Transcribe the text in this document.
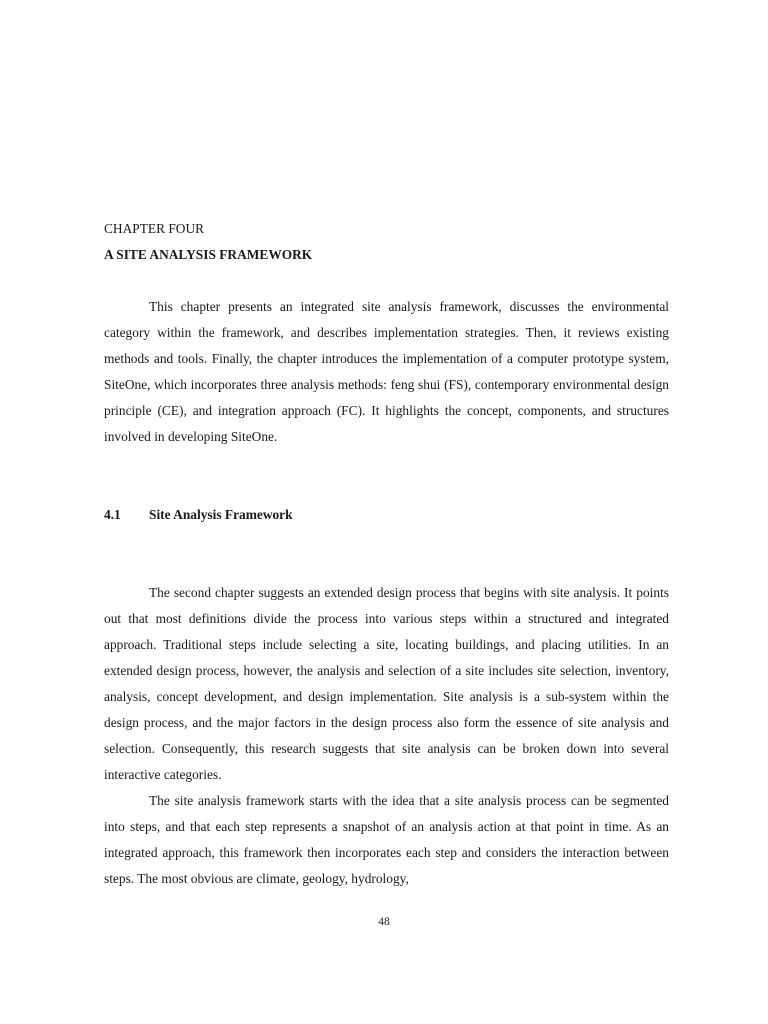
CHAPTER FOUR
A SITE ANALYSIS FRAMEWORK

This chapter presents an integrated site analysis framework, discusses the environmental category within the framework, and describes implementation strategies. Then, it reviews existing methods and tools. Finally, the chapter introduces the implementation of a computer prototype system, SiteOne, which incorporates three analysis methods: feng shui (FS), contemporary environmental design principle (CE), and integration approach (FC). It highlights the concept, components, and structures involved in developing SiteOne.

4.1 Site Analysis Framework

The second chapter suggests an extended design process that begins with site analysis. It points out that most definitions divide the process into various steps within a structured and integrated approach. Traditional steps include selecting a site, locating buildings, and placing utilities. In an extended design process, however, the analysis and selection of a site includes site selection, inventory, analysis, concept development, and design implementation. Site analysis is a sub-system within the design process, and the major factors in the design process also form the essence of site analysis and selection. Consequently, this research suggests that site analysis can be broken down into several interactive categories.

The site analysis framework starts with the idea that a site analysis process can be segmented into steps, and that each step represents a snapshot of an analysis action at that point in time. As an integrated approach, this framework then incorporates each step and considers the interaction between steps. The most obvious are climate, geology, hydrology,

48
